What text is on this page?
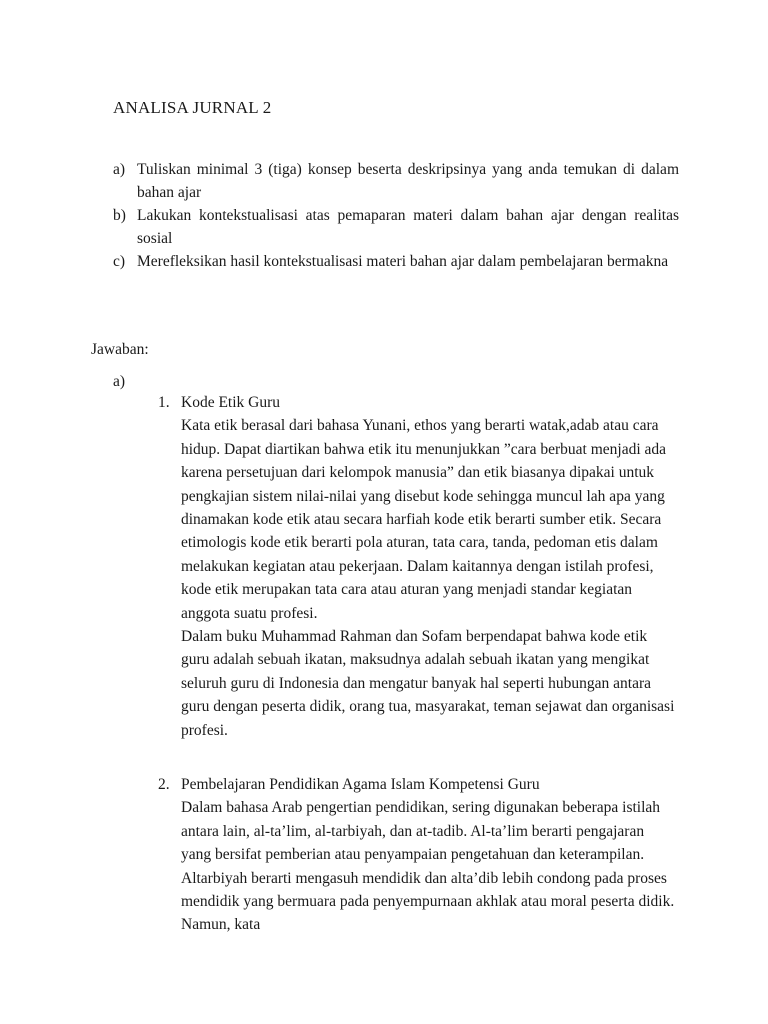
ANALISA JURNAL 2
a) Tuliskan minimal 3 (tiga) konsep beserta deskripsinya yang anda temukan di dalam bahan ajar
b) Lakukan kontekstualisasi atas pemaparan materi dalam bahan ajar dengan realitas sosial
c) Merefleksikan hasil kontekstualisasi materi bahan ajar dalam pembelajaran bermakna
Jawaban:
a)
1. Kode Etik Guru

Kata etik berasal dari bahasa Yunani, ethos yang berarti watak,adab atau cara hidup. Dapat diartikan bahwa etik itu menunjukkan ”cara berbuat menjadi ada karena persetujuan dari kelompok manusia” dan etik biasanya dipakai untuk pengkajian sistem nilai-nilai yang disebut kode sehingga muncul lah apa yang dinamakan kode etik atau secara harfiah kode etik berarti sumber etik. Secara etimologis kode etik berarti pola aturan, tata cara, tanda, pedoman etis dalam melakukan kegiatan atau pekerjaan. Dalam kaitannya dengan istilah profesi, kode etik merupakan tata cara atau aturan yang menjadi standar kegiatan anggota suatu profesi.

Dalam buku Muhammad Rahman dan Sofam berpendapat bahwa kode etik guru adalah sebuah ikatan, maksudnya adalah sebuah ikatan yang mengikat seluruh guru di Indonesia dan mengatur banyak hal seperti hubungan antara guru dengan peserta didik, orang tua, masyarakat, teman sejawat dan organisasi profesi.

2. Pembelajaran Pendidikan Agama Islam Kompetensi Guru

Dalam bahasa Arab pengertian pendidikan, sering digunakan beberapa istilah antara lain, al-ta’lim, al-tarbiyah, dan at-tadib. Al-ta’lim berarti pengajaran yang bersifat pemberian atau penyampaian pengetahuan dan keterampilan. Altarbiyah berarti mengasuh mendidik dan alta’dib lebih condong pada proses mendidik yang bermuara pada penyempurnaan akhlak atau moral peserta didik. Namun, kata
